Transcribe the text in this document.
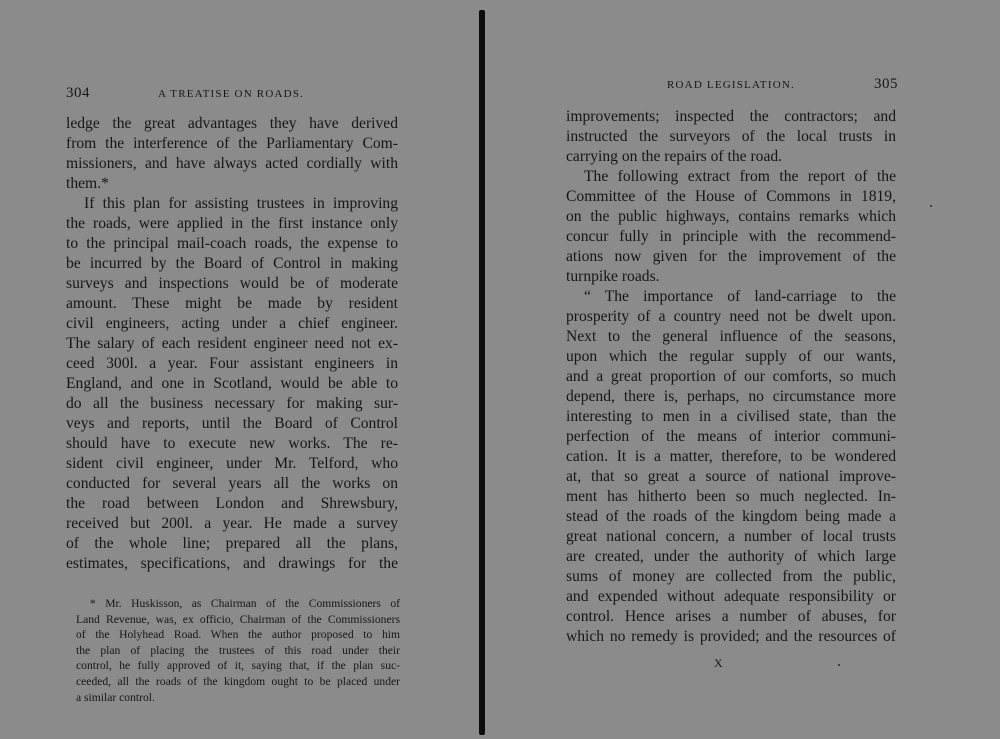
304	A TREATISE ON ROADS.
ledge the great advantages they have derived
from the interference of the Parliamentary Com-
missioners, and have always acted cordially with
them.*
If this plan for assisting trustees in improving
the roads, were applied in the first instance only
to the principal mail-coach roads, the expense to
be incurred by the Board of Control in making
surveys and inspections would be of moderate
amount. These might be made by resident
civil engineers, acting under a chief engineer.
The salary of each resident engineer need not ex-
ceed 300l. a year. Four assistant engineers in
England, and one in Scotland, would be able to
do all the business necessary for making sur-
veys and reports, until the Board of Control
should have to execute new works. The re-
sident civil engineer, under Mr. Telford, who
conducted for several years all the works on
the road between London and Shrewsbury,
received but 200l. a year. He made a survey
of the whole line; prepared all the plans,
estimates, specifications, and drawings for the
* Mr. Huskisson, as Chairman of the Commissioners of
Land Revenue, was, ex officio, Chairman of the Commissioners
of the Holyhead Road. When the author proposed to him
the plan of placing the trustees of this road under their
control, he fully approved of it, saying that, if the plan suc-
ceeded, all the roads of the kingdom ought to be placed under
a similar control.
ROAD LEGISLATION.	305
improvements; inspected the contractors; and
instructed the surveyors of the local trusts in
carrying on the repairs of the road.
The following extract from the report of the
Committee of the House of Commons in 1819,
on the public highways, contains remarks which
concur fully in principle with the recommend-
ations now given for the improvement of the
turnpike roads.
“ The importance of land-carriage to the
prosperity of a country need not be dwelt upon.
Next to the general influence of the seasons,
upon which the regular supply of our wants,
and a great proportion of our comforts, so much
depend, there is, perhaps, no circumstance more
interesting to men in a civilised state, than the
perfection of the means of interior communi-
cation. It is a matter, therefore, to be wondered
at, that so great a source of national improve-
ment has hitherto been so much neglected. In-
stead of the roads of the kingdom being made a
great national concern, a number of local trusts
are created, under the authority of which large
sums of money are collected from the public,
and expended without adequate responsibility or
control. Hence arises a number of abuses, for
which no remedy is provided; and the resources of
X
